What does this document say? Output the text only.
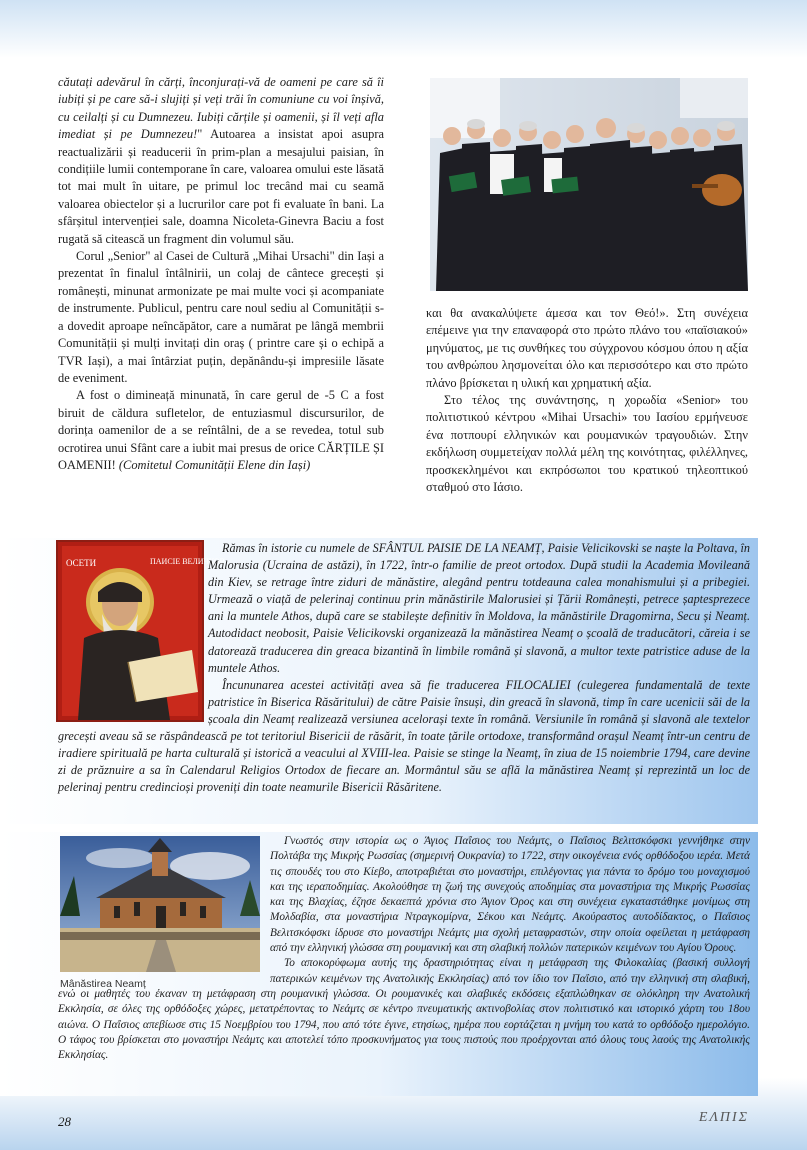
căutați adevărul în cărți, înconjurați-vă de oameni pe care să îi iubiți și pe care să-i slujiți și veți trăi în comuniune cu voi înșivă, cu ceilalți și cu Dumnezeu. Iubiți cărțile și oamenii, și îl veți afla imediat și pe Dumnezeu!" Autoarea a insistat apoi asupra reactualizării și readucerii în prim-plan a mesajului paisian, în condițiile lumii contemporane în care, valoarea omului este lăsată tot mai mult în uitare, pe primul loc trecând mai cu seamă valoarea obiectelor și a lucrurilor care pot fi evaluate în bani. La sfârșitul intervenției sale, doamna Nicoleta-Ginevra Baciu a fost rugată să citească un fragment din volumul său.

Corul „Senior" al Casei de Cultură „Mihai Ursachi" din Iași a prezentat în finalul întâlnirii, un colaj de cântece grecești și românești, minunat armonizate pe mai multe voci și acompaniate de instrumente. Publicul, pentru care noul sediu al Comunității s-a dovedit aproape neîncăpător, care a numărat pe lângă membrii Comunității și mulți invitați din oraș ( printre care și o echipă a TVR Iași), a mai întârziat puțin, depănându-și impresiile lăsate de eveniment.

A fost o dimineață minunată, în care gerul de -5 C a fost biruit de căldura sufletelor, de entuziasmul discursurilor, de dorința oamenilor de a se reîntâlni, de a se revedea, totul sub ocrotirea unui Sfânt care a iubit mai presus de orice CĂRȚILE ȘI OAMENII! (Comitetul Comunității Elene din Iași)

και θα ανακαλύψετε άμεσα και τον Θεό!». Στη συνέχεια επέμεινε για την επαναφορά στο πρώτο πλάνο του «παϊσιακού» μηνύματος, με τις συνθήκες του σύγχρονου κόσμου όπου η αξία του ανθρώπου λησμονείται όλο και περισσότερο και στο πρώτο πλάνο βρίσκεται η υλική και χρηματική αξία.

Στο τέλος της συνάντησης, η χορωδία «Senior» του πολιτιστικού κέντρου «Mihai Ursachi» του Ιασίου ερμήνευσε ένα ποτπουρί ελληνικών και ρουμανικών τραγουδιών. Στην εκδήλωση συμμετείχαν πολλά μέλη της κοινότητας, φιλέλληνες, προσκεκλημένοι και εκπρόσωποι του κρατικού τηλεοπτικού σταθμού στο Ιάσιο.

ОСЕТИ	ПАИСІЕ ВЕЛИЧКОВ

Rămas în istorie cu numele de SFÂNTUL PAISIE DE LA NEAMȚ, Paisie Velicikovski se naște la Poltava, în Malorusia (Ucraina de astăzi), în 1722, într-o familie de preot ortodox. După studii la Academia Movileană din Kiev, se retrage între ziduri de mănăstire, alegând pentru totdeauna calea monahismului și a pribegiei. Urmează o viață de pelerinaj continuu prin mănăstirile Malorusiei și Țării Românești, petrece șaptesprezece ani la muntele Athos, după care se stabilește definitiv în Moldova, la mănăstirile Dragomirna, Secu și Neamț. Autodidact neobosit, Paisie Velicikovski organizează la mănăstirea Neamț o școală de traducători, căreia i se datorează traducerea din greaca bizantină în limbile română și slavonă, a multor texte patristice aduse de la muntele Athos.

Încununarea acestei activități avea să fie traducerea FILOCALIEI (culegerea fundamentală de texte patristice în Biserica Răsăritului) de către Paisie însuși, din greacă în slavonă, timp în care ucenicii săi de la școala din Neamț realizează versiunea acelorași texte în română. Versiunile în română și slavonă ale textelor grecești aveau să se răspândească pe tot teritoriul Bisericii de răsărit, în toate țările ortodoxe, transformând orașul Neamț într-un centru de iradiere spirituală pe harta culturală și istorică a veacului al XVIII-lea. Paisie se stinge la Neamț, în ziua de 15 noiembrie 1794, care devine zi de prăznuire a sa în Calendarul Religios Ortodox de fiecare an. Mormântul său se află la mănăstirea Neamț și reprezintă un loc de pelerinaj pentru credincioși proveniți din toate neamurile Bisericii Răsăritene.

Mânăstirea Neamț

Γνωστός στην ιστορία ως ο Άγιος Παΐσιος του Νεάμτς, ο Παΐσιος Βελιτσκόφσκι γεννήθηκε στην Πολτάβα της Μικρής Ρωσσίας (σημερινή Ουκρανία) το 1722, στην οικογένεια ενός ορθόδοξου ιερέα. Μετά τις σπουδές του στο Κίεβο, αποτραβιέται στο μοναστήρι, επιλέγοντας για πάντα το δρόμο του μοναχισμού και της ιεραποδημίας. Ακολούθησε τη ζωή της συνεχούς αποδημίας στα μοναστήρια της Μικρής Ρωσσίας και της Βλαχίας, έζησε δεκαεπτά χρόνια στο Άγιον Όρος και στη συνέχεια εγκαταστάθηκε μονίμως στη Μολδαβία, στα μοναστήρια Ντραγκομίρνα, Σέκου και Νεάμτς. Ακούραστος αυτοδίδακτος, ο Παΐσιος Βελιτσκόφσκι ίδρυσε στο μοναστήρι Νεάμτς μια σχολή μεταφραστών, στην οποία οφείλεται η μετάφραση από την ελληνική γλώσσα στη ρουμανική και στη σλαβική πολλών πατερικών κειμένων του Αγίου Όρους.

Το αποκορύφωμα αυτής της δραστηριότητας είναι η μετάφραση της Φιλοκαλίας (βασική συλλογή πατερικών κειμένων της Ανατολικής Εκκλησίας) από τον ίδιο τον Παΐσιο, από την ελληνική στη σλαβική, ενώ οι μαθητές του έκαναν τη μετάφραση στη ρουμανική γλώσσα. Οι ρουμανικές και σλαβικές εκδόσεις εξαπλώθηκαν σε ολόκληρη την Ανατολική Εκκλησία, σε όλες της ορθόδοξες χώρες, μετατρέποντας το Νεάμτς σε κέντρο πνευματικής ακτινοβολίας στον πολιτιστικό και ιστορικό χάρτη του 18ου αιώνα. Ο Παΐσιος απεβίωσε στις 15 Νοεμβρίου του 1794, που από τότε έγινε, ετησίως, ημέρα που εορτάζεται η μνήμη του κατά το ορθόδοξο ημερολόγιο. Ο τάφος του βρίσκεται στο μοναστήρι Νεάμτς και αποτελεί τόπο προσκυνήματος για τους πιστούς που προέρχονται από όλους τους λαούς της Ανατολικής Εκκλησίας.

28	ΕΛΠΙΣ
